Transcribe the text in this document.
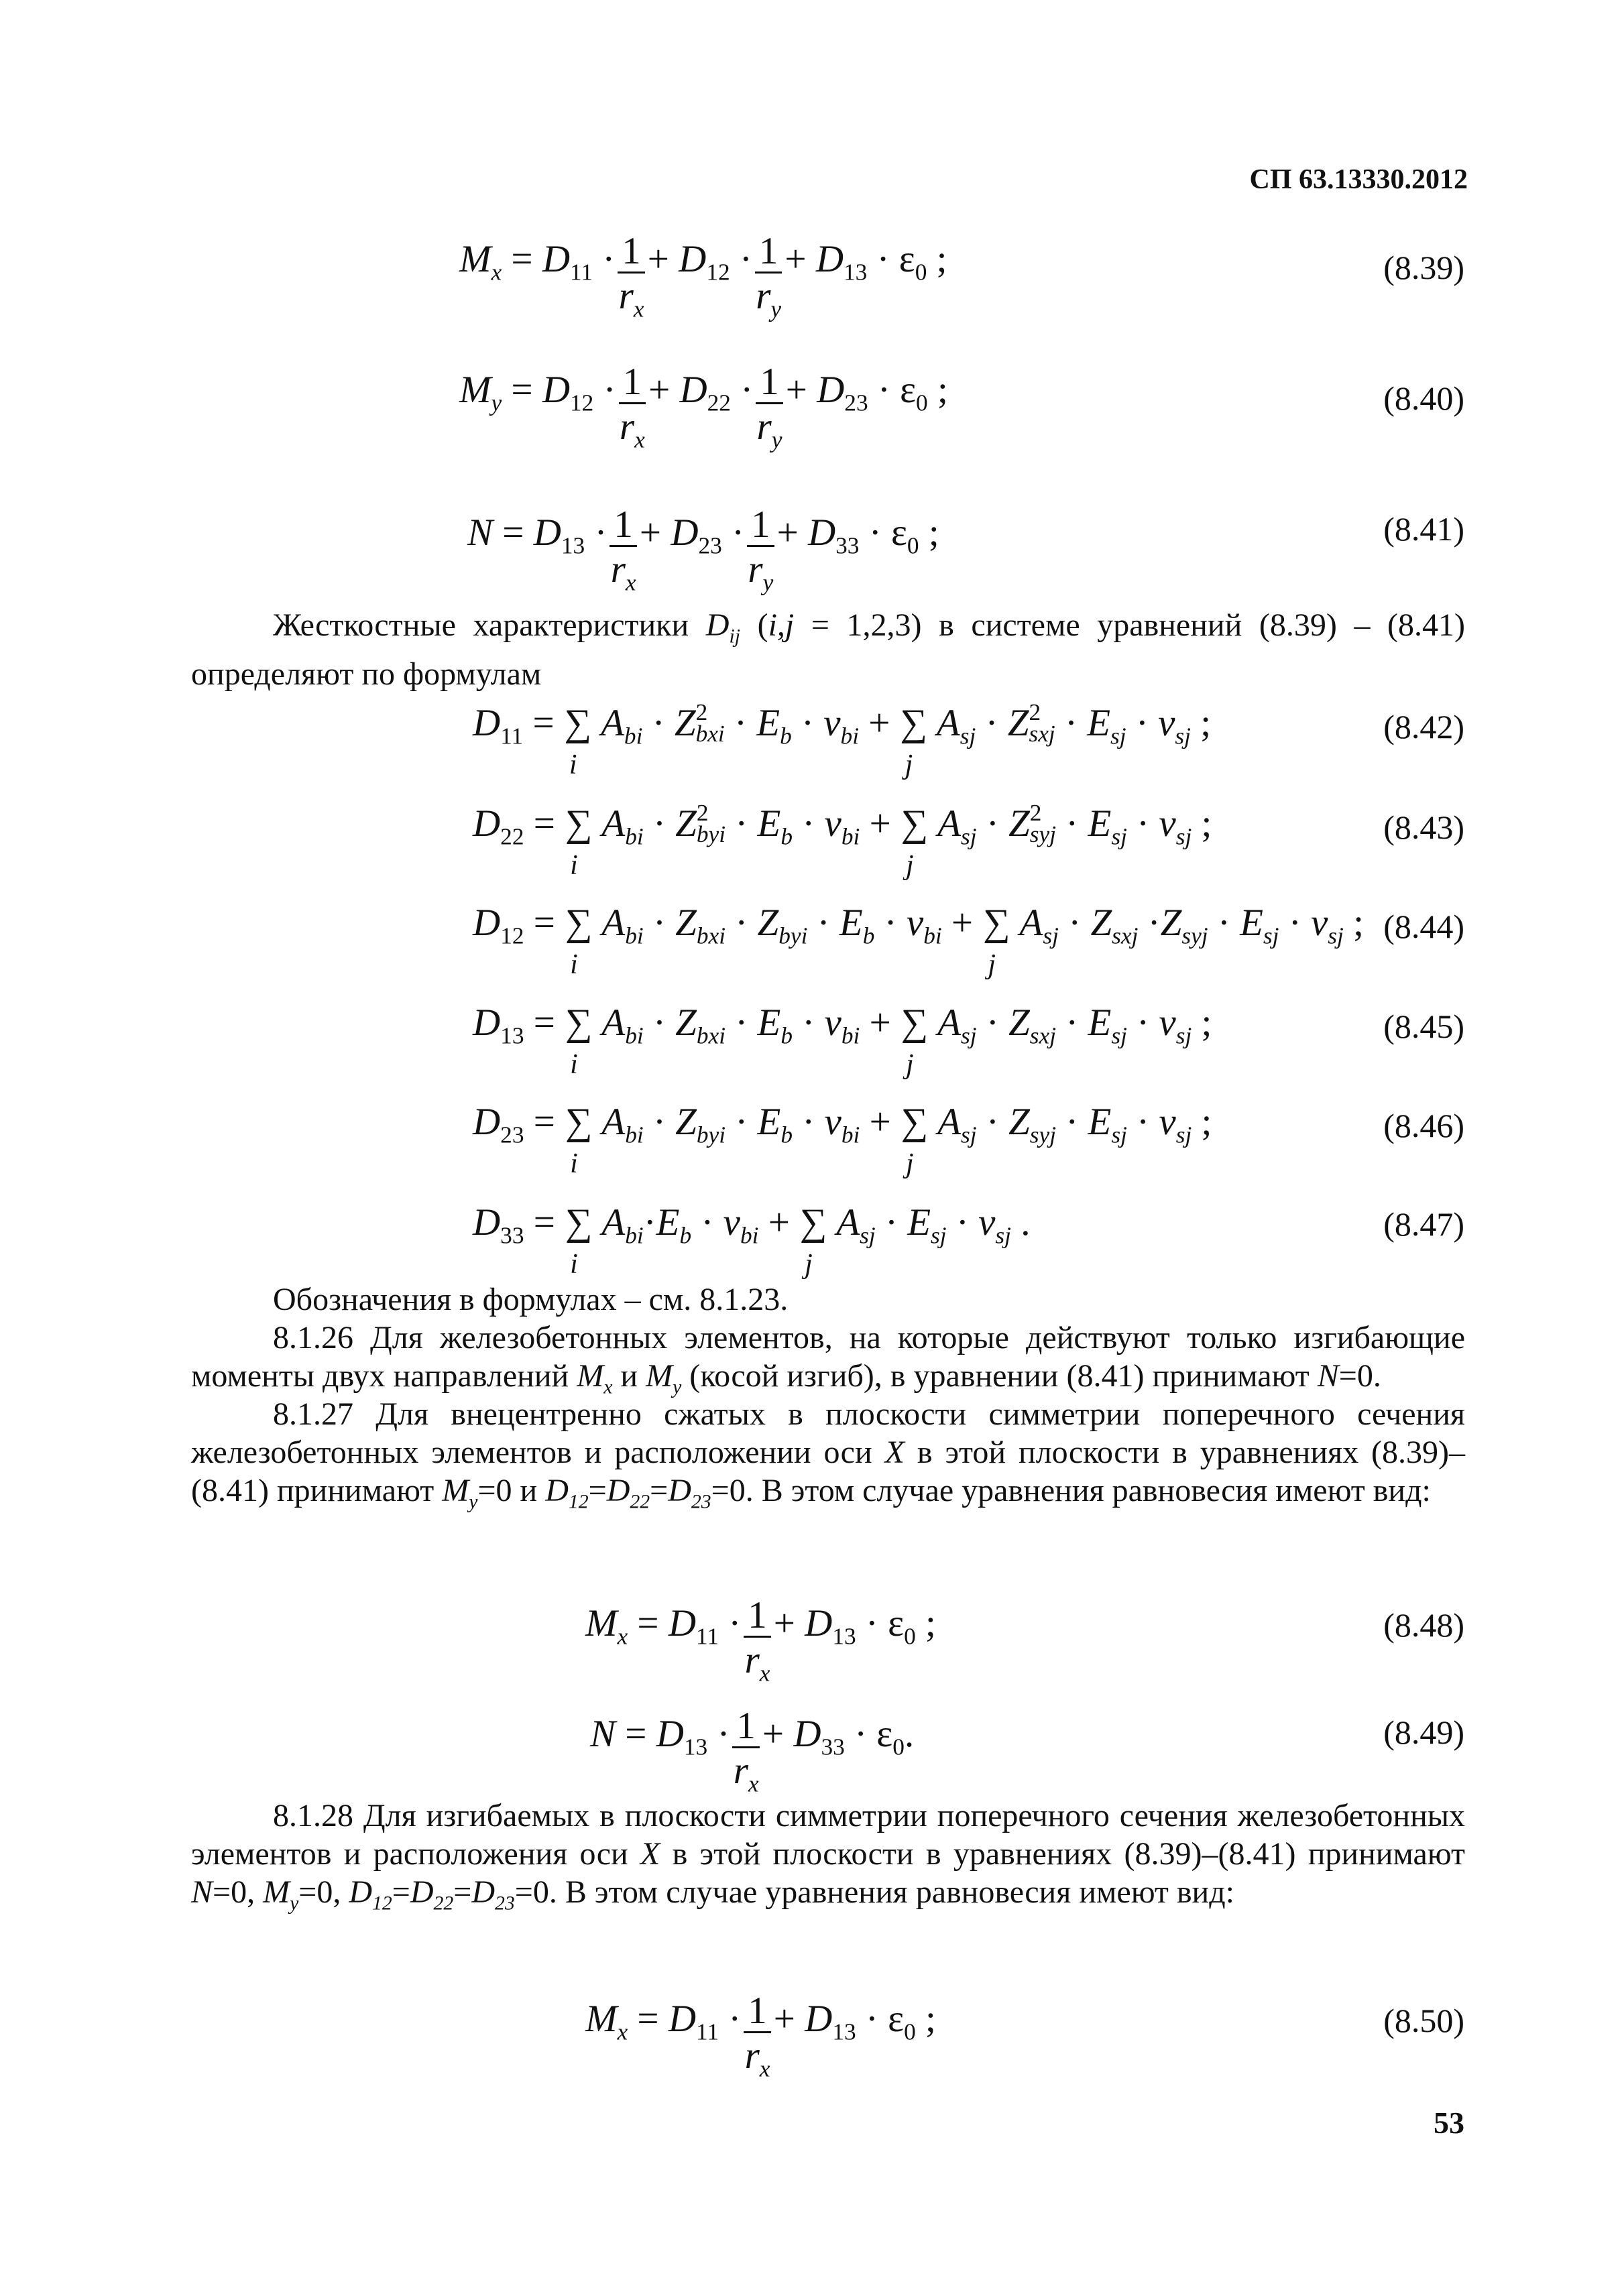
СП 63.13330.2012
$M_x = D_{11} \cdot \frac{1}{r_x} + D_{12} \cdot \frac{1}{r_y} + D_{13} \cdot \varepsilon_0$ ;	(8.39)
$M_y = D_{12} \cdot \frac{1}{r_x} + D_{22} \cdot \frac{1}{r_y} + D_{23} \cdot \varepsilon_0$ ;	(8.40)
$N = D_{13} \cdot \frac{1}{r_x} + D_{23} \cdot \frac{1}{r_y} + D_{33} \cdot \varepsilon_0$ ;	(8.41)
Жесткостные характеристики $D_{ij}$ (i,j = 1,2,3) в системе уравнений (8.39) – (8.41) определяют по формулам
$D_{11}$ = ∑
i
$A_{bi} \cdot Z$ 2
bxi · $E_b \cdot \nu_{bi}$ + ∑
j
$A_{sj} \cdot Z$ 2
sxj · $E_{sj} \cdot \nu_{sj}$ ;	(8.42)
$D_{22}$ = ∑
i
$A_{bi} \cdot Z$ 2
byi · $E_b \cdot \nu_{bi}$ + ∑
j
$A_{sj} \cdot Z$ 2
syj · $E_{sj} \cdot \nu_{sj}$ ;	(8.43)
$D_{12}$ = ∑
i
$A_{bi} \cdot Z_{bxi} \cdot Z_{byi} \cdot E_b \cdot \nu_{bi}$ + ∑
j
$A_{sj} \cdot Z_{sxj} \cdot Z_{syj} \cdot E_{sj} \cdot \nu_{sj}$ ; (8.44)
$D_{13}$ = ∑
i
$A_{bi} \cdot Z_{bxi} \cdot E_b \cdot \nu_{bi}$ + ∑
j
$A_{sj} \cdot Z_{sxj} \cdot E_{sj} \cdot \nu_{sj}$ ;	(8.45)
$D_{23}$ = ∑
i
$A_{bi} \cdot Z_{byi} \cdot E_b \cdot \nu_{bi}$ + ∑
j
$A_{sj} \cdot Z_{syj} \cdot E_{sj} \cdot \nu_{sj}$ ;	(8.46)
$D_{33}$ = ∑
i
$A_{bi}\cdot E_b \cdot \nu_{bi}$ + ∑
j
$A_{sj} \cdot E_{sj} \cdot \nu_{sj}$ .	(8.47)
Обозначения в формулах – см. 8.1.23.
8.1.26 Для железобетонных элементов, на которые действуют только изгибающие моменты двух направлений $M_x$ и $M_y$ (косой изгиб), в уравнении (8.41) принимают N=0.
8.1.27 Для внецентренно сжатых в плоскости симметрии поперечного сечения железобетонных элементов и расположении оси X в этой плоскости в уравнениях (8.39)–(8.41) принимают $M_y=0$ и $D_{12}=D_{22}=D_{23}=0$. В этом случае уравнения равновесия имеют вид:
$M_x = D_{11} \cdot \frac{1}{r_x} + D_{13} \cdot \varepsilon_0$ ;	(8.48)
$N = D_{13} \cdot \frac{1}{r_x} + D_{33} \cdot \varepsilon_0$.	(8.49)
8.1.28 Для изгибаемых в плоскости симметрии поперечного сечения железобетонных элементов и расположения оси X в этой плоскости в уравнениях (8.39)–(8.41) принимают N=0, $M_y=0$, $D_{12}=D_{22}=D_{23}=0$. В этом случае уравнения равновесия имеют вид:
$M_x = D_{11} \cdot \frac{1}{r_x} + D_{13} \cdot \varepsilon_0$ ;	(8.50)
53
